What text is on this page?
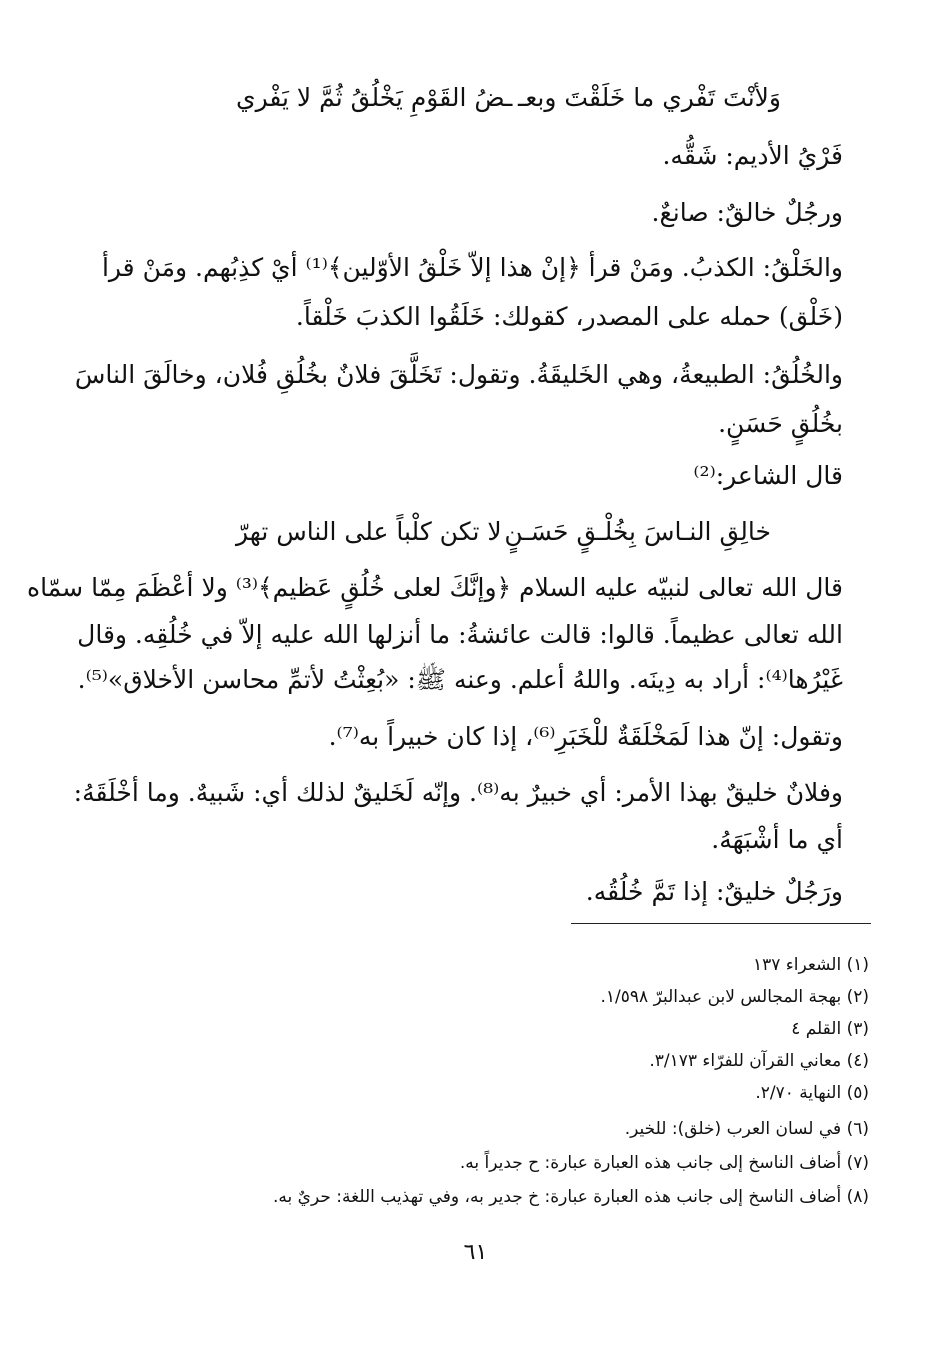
وَلأنْتَ تَفْري ما خَلَقْتَ وبعـ
ـضُ القَوْمِ يَخْلُقُ ثُمَّ لا يَفْري
فَرْيُ الأديم: شَقُّه.
ورجُلٌ خالقٌ: صانعٌ.
والخَلْقُ: الكذبُ. ومَنْ قرأ ﴿إنْ هذا إلاّ خَلْقُ الأوّلين﴾⁽¹⁾ أيْ كذِبُهم. ومَنْ قرأ
(خَلْق) حمله على المصدر، كقولك: خَلَقُوا الكذبَ خَلْقاً.
والخُلُقُ: الطبيعةُ، وهي الخَليقَةُ. وتقول: تَخَلَّقَ فلانٌ بخُلُقِ فُلان، وخالَقَ الناسَ
بخُلُقٍ حَسَنٍ.
قال الشاعر:⁽²⁾
خالِقِ النـاسَ بِخُلْـقٍ حَسَـنٍ
لا تكن كلْباً على الناس تهرّ
قال الله تعالى لنبيّه عليه السلام ﴿وإنَّكَ لعلى خُلُقٍ عَظيم﴾⁽³⁾ ولا أعْظَمَ مِمّا سمّاه
الله تعالى عظيماً. قالوا: قالت عائشةُ: ما أنزلها الله عليه إلاّ في خُلُقِه. وقال
غَيْرُها⁽⁴⁾: أراد به دِينَه. واللهُ أعلم. وعنه ﷺ: «بُعِثْتُ لأتمِّ محاسن الأخلاق»⁽⁵⁾.
وتقول: إنّ هذا لَمَخْلَقَةٌ للْخَبَرِ⁽⁶⁾، إذا كان خبيراً به⁽⁷⁾.
وفلانٌ خليقٌ بهذا الأمر: أي خبيرٌ به⁽⁸⁾. وإنّه لَخَليقٌ لذلك أي: شَبيهٌ. وما أخْلَقَهُ:
أي ما أشْبَهَهُ.
ورَجُلٌ خليقٌ: إذا تَمَّ خُلُقُه.
(١) الشعراء ١٣٧
(٢) بهجة المجالس لابن عبدالبرّ ١/٥٩٨.
(٣) القلم ٤
(٤) معاني القرآن للفرّاء ٣/١٧٣.
(٥) النهاية ٢/٧٠.
(٦) في لسان العرب (خلق): للخير.
(٧) أضاف الناسخ إلى جانب هذه العبارة عبارة: ح جديراً به.
(٨) أضاف الناسخ إلى جانب هذه العبارة عبارة: خ جدير به، وفي تهذيب اللغة: حريٌ به.
٦١
